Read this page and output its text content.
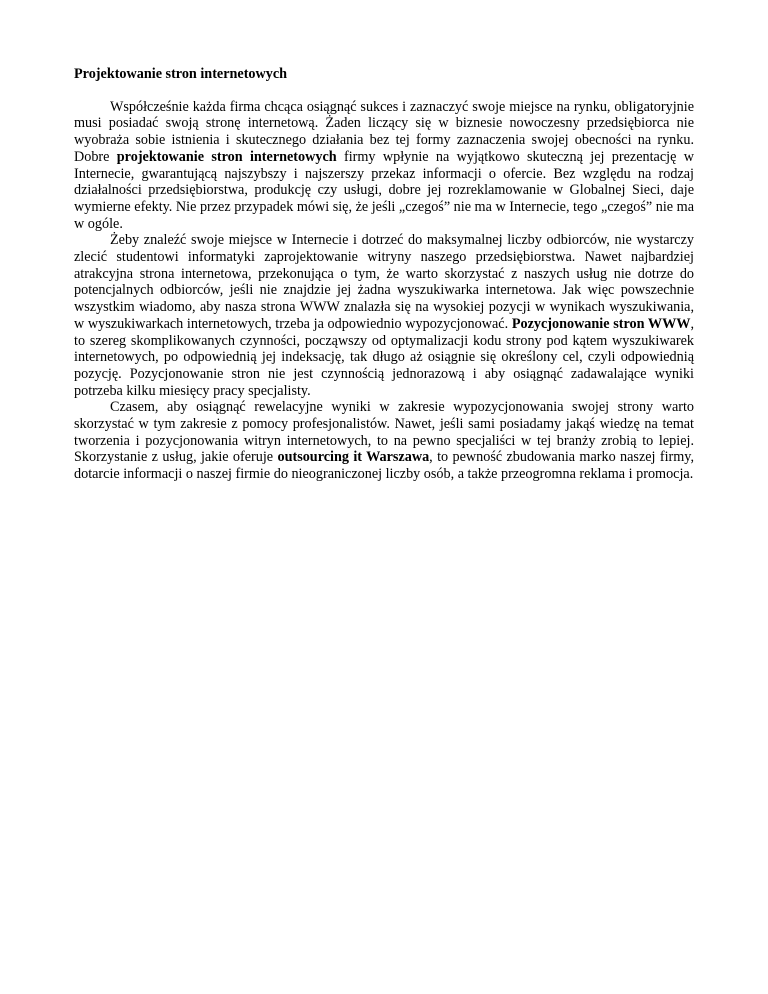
Projektowanie stron internetowych

Współcześnie każda firma chcąca osiągnąć sukces i zaznaczyć swoje miejsce na rynku, obligatoryjnie musi posiadać swoją stronę internetową. Żaden liczący się w biznesie nowoczesny przedsiębiorca nie wyobraża sobie istnienia i skutecznego działania bez tej formy zaznaczenia swojej obecności na rynku. Dobre projektowanie stron internetowych firmy wpłynie na wyjątkowo skuteczną jej prezentację w Internecie, gwarantującą najszybszy i najszerszy przekaz informacji o ofercie. Bez względu na rodzaj działalności przedsiębiorstwa, produkcję czy usługi, dobre jej rozreklamowanie w Globalnej Sieci, daje wymierne efekty. Nie przez przypadek mówi się, że jeśli „czegoś” nie ma w Internecie, tego „czegoś” nie ma w ogóle.

Żeby znaleźć swoje miejsce w Internecie i dotrzeć do maksymalnej liczby odbiorców, nie wystarczy zlecić studentowi informatyki zaprojektowanie witryny naszego przedsiębiorstwa. Nawet najbardziej atrakcyjna strona internetowa, przekonująca o tym, że warto skorzystać z naszych usług nie dotrze do potencjalnych odbiorców, jeśli nie znajdzie jej żadna wyszukiwarka internetowa. Jak więc powszechnie wszystkim wiadomo, aby nasza strona WWW znalazła się na wysokiej pozycji w wynikach wyszukiwania, w wyszukiwarkach internetowych, trzeba ja odpowiednio wypozycjonować. Pozycjonowanie stron WWW, to szereg skomplikowanych czynności, począwszy od optymalizacji kodu strony pod kątem wyszukiwarek internetowych, po odpowiednią jej indeksację, tak długo aż osiągnie się określony cel, czyli odpowiednią pozycję. Pozycjonowanie stron nie jest czynnością jednorazową i aby osiągnąć zadawalające wyniki potrzeba kilku miesięcy pracy specjalisty.

Czasem, aby osiągnąć rewelacyjne wyniki w zakresie wypozycjonowania swojej strony warto skorzystać w tym zakresie z pomocy profesjonalistów. Nawet, jeśli sami posiadamy jakąś wiedzę na temat tworzenia i pozycjonowania witryn internetowych, to na pewno specjaliści w tej branży zrobią to lepiej. Skorzystanie z usług, jakie oferuje outsourcing it Warszawa, to pewność zbudowania marko naszej firmy, dotarcie informacji o naszej firmie do nieograniczonej liczby osób, a także przeogromna reklama i promocja.
